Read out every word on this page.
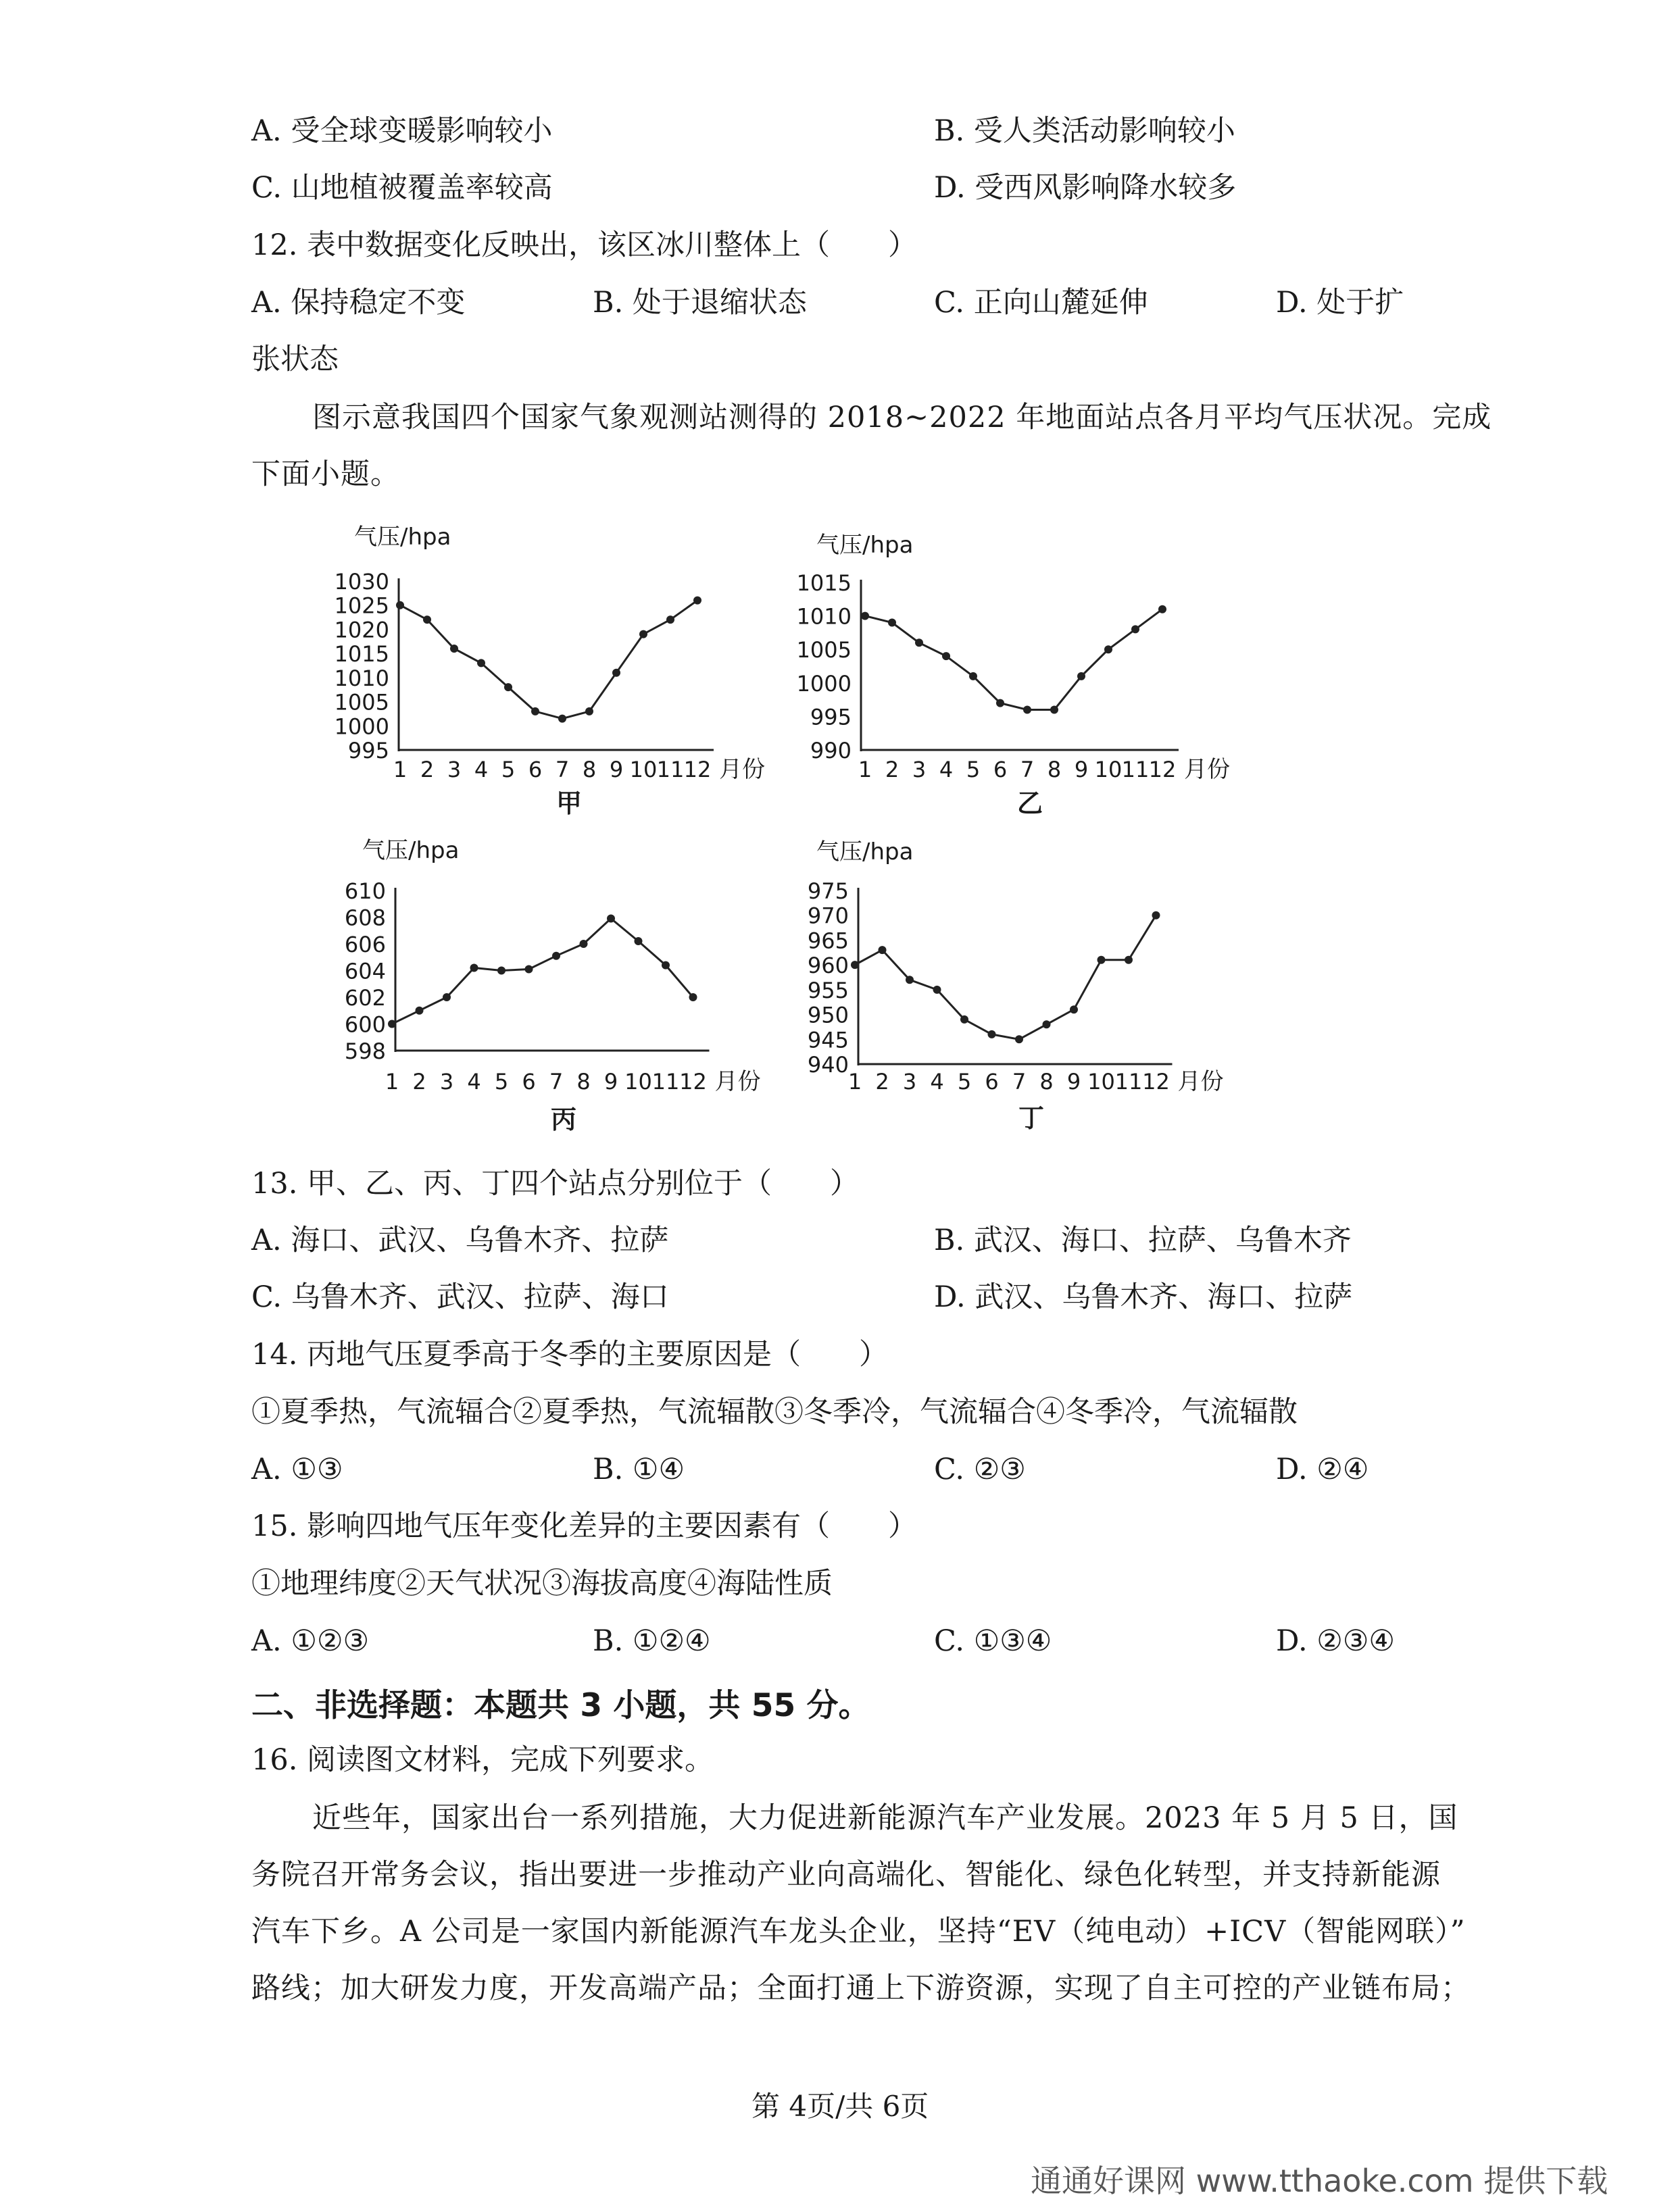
A. 受全球变暖影响较小	B. 受人类活动影响较小
C. 山地植被覆盖率较高	D. 受西风影响降水较多
12. 表中数据变化反映出，该区冰川整体上（　　）
A. 保持稳定不变	B. 处于退缩状态	C. 正向山麓延伸	D. 处于扩
张状态
图示意我国四个国家气象观测站测得的 2018~2022 年地面站点各月平均气压状况。完成
下面小题。
气压/hpa
995
1000
1005
1010
1015
1020
1025
1030
1 2 3 4 5 6 7 8 9 10 11 12 月份
甲
气压/hpa
990
995
1000
1005
1010
1015
1 2 3 4 5 6 7 8 9 10 11 12 月份
乙
气压/hpa
598
600
602
604
606
608
610
1 2 3 4 5 6 7 8 9 10 11 12 月份
丙
气压/hpa
940
945
950
955
960
965
970
975
1 2 3 4 5 6 7 8 9 10 11 12 月份
丁
13. 甲、乙、丙、丁四个站点分别位于（　　）
A. 海口、武汉、乌鲁木齐、拉萨	B. 武汉、海口、拉萨、乌鲁木齐
C. 乌鲁木齐、武汉、拉萨、海口	D. 武汉、乌鲁木齐、海口、拉萨
14. 丙地气压夏季高于冬季的主要原因是（　　）
①夏季热，气流辐合②夏季热，气流辐散③冬季冷，气流辐合④冬季冷，气流辐散
A. ①③	B. ①④	C. ②③	D. ②④
15. 影响四地气压年变化差异的主要因素有（　　）
①地理纬度②天气状况③海拔高度④海陆性质
A. ①②③	B. ①②④	C. ①③④	D. ②③④
二、非选择题：本题共 3 小题，共 55 分。
16. 阅读图文材料，完成下列要求。
近些年，国家出台一系列措施，大力促进新能源汽车产业发展。2023 年 5 月 5 日，国
务院召开常务会议，指出要进一步推动产业向高端化、智能化、绿色化转型，并支持新能源
汽车下乡。A 公司是一家国内新能源汽车龙头企业，坚持“EV（纯电动）+ICV（智能网联）”
路线；加大研发力度，开发高端产品；全面打通上下游资源，实现了自主可控的产业链布局；
第 4页/共 6页
通通好课网 www.tthaoke.com 提供下载
